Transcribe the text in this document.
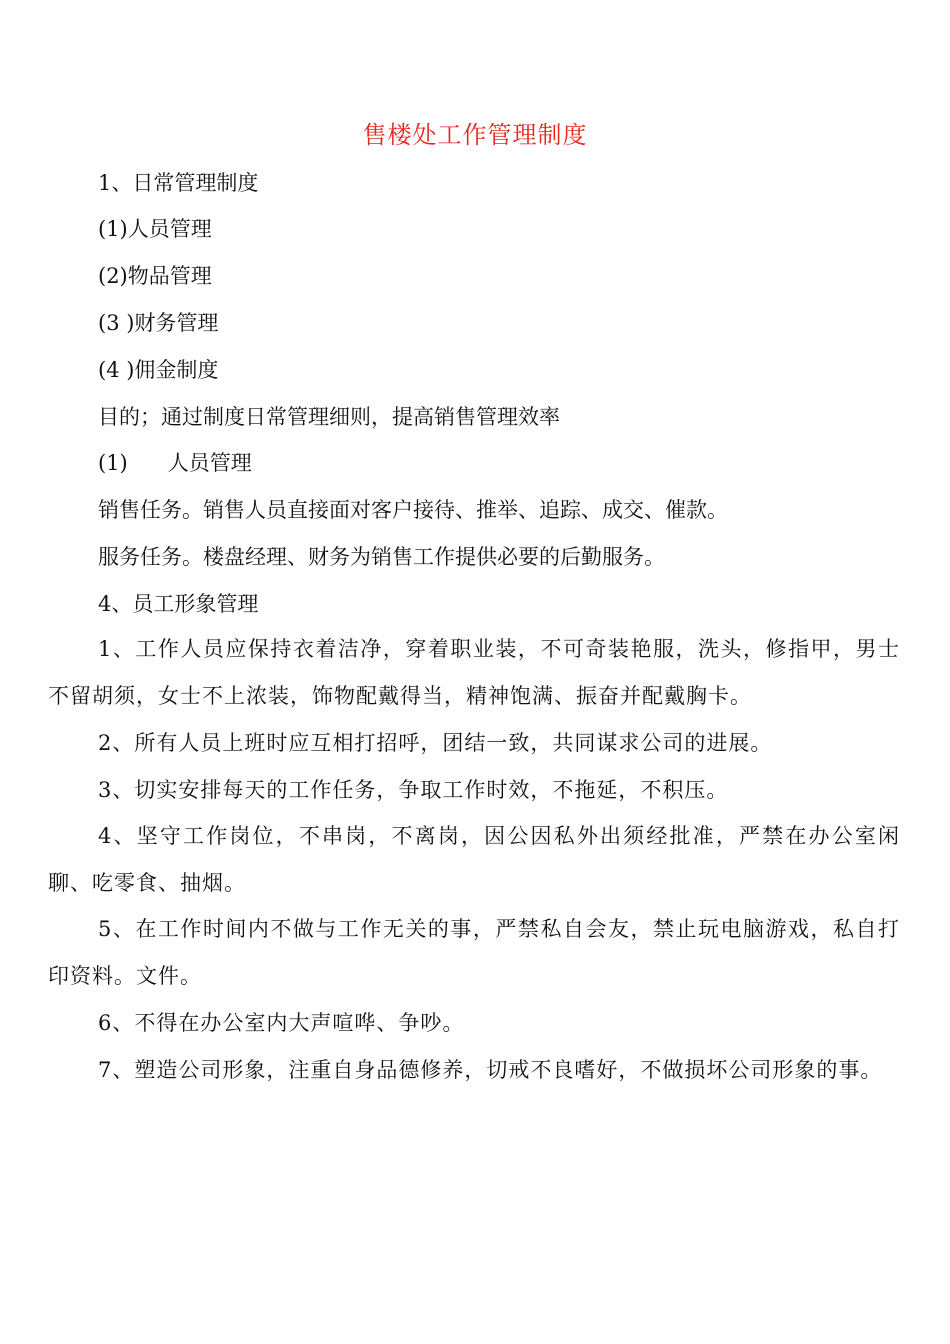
售楼处工作管理制度
1、日常管理制度
(1)人员管理
(2)物品管理
(3 )财务管理
(4 )佣金制度
目的；通过制度日常管理细则，提高销售管理效率
(1) 人员管理
销售任务。销售人员直接面对客户接待、推举、追踪、成交、催款。
服务任务。楼盘经理、财务为销售工作提供必要的后勤服务。
4、员工形象管理
1、工作人员应保持衣着洁净，穿着职业装，不可奇装艳服，洗头，修指甲，男士不留胡须，女士不上浓装，饰物配戴得当，精神饱满、振奋并配戴胸卡。
2、所有人员上班时应互相打招呼，团结一致，共同谋求公司的进展。
3、切实安排每天的工作任务，争取工作时效，不拖延，不积压。
4、坚守工作岗位，不串岗，不离岗，因公因私外出须经批准，严禁在办公室闲聊、吃零食、抽烟。
5、在工作时间内不做与工作无关的事，严禁私自会友，禁止玩电脑游戏，私自打印资料。文件。
6、不得在办公室内大声喧哗、争吵。
7、塑造公司形象，注重自身品德修养，切戒不良嗜好，不做损坏公司形象的事。
